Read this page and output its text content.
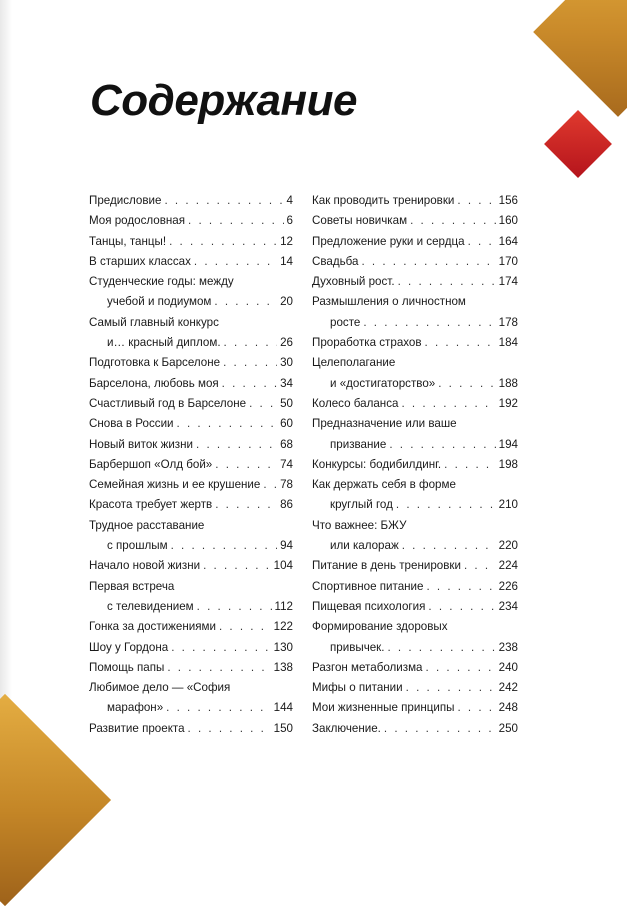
Содержание
Предисловие . . .	4
Моя родословная . . .	6
Танцы, танцы! . . .	12
В старших классах . . .	14
Студенческие годы: между
учебой и подиумом . . .	20
Самый главный конкурс
и… красный диплом. . . .	26
Подготовка к Барселоне . . .	30
Барселона, любовь моя . . .	34
Счастливый год в Барселоне . . .	50
Снова в России . . .	60
Новый виток жизни . . .	68
Барбершоп «Олд бой» . . .	74
Семейная жизнь и ее крушение . . . 78
Красота требует жертв . . .	86
Трудное расставание
с прошлым . . .	94
Начало новой жизни . . .	104
Первая встреча
с телевидением . . .	112
Гонка за достижениями . . .	122
Шоу у Гордона . . .	130
Помощь папы . . .	138
Любимое дело — «София
марафон» . . .	144
Развитие проекта . . .	150
Как проводить тренировки . . .	156
Советы новичкам . . .	160
Предложение руки и сердца . . .	164
Свадьба . . .	170
Духовный рост. . . .	174
Размышления о личностном
росте . . .	178
Проработка страхов . . .	184
Целеполагание
и «достигаторство» . . .	188
Колесо баланса . . .	192
Предназначение или ваше
призвание . . .	194
Конкурсы: бодибилдинг. . . .	198
Как держать себя в форме
круглый год . . .	210
Что важнее: БЖУ
или калораж . . .	220
Питание в день тренировки . . .	224
Спортивное питание . . .	226
Пищевая психология . . .	234
Формирование здоровых
привычек. . . .	238
Разгон метаболизма . . .	240
Мифы о питании . . .	242
Мои жизненные принципы . . .	248
Заключение. . . .	250
